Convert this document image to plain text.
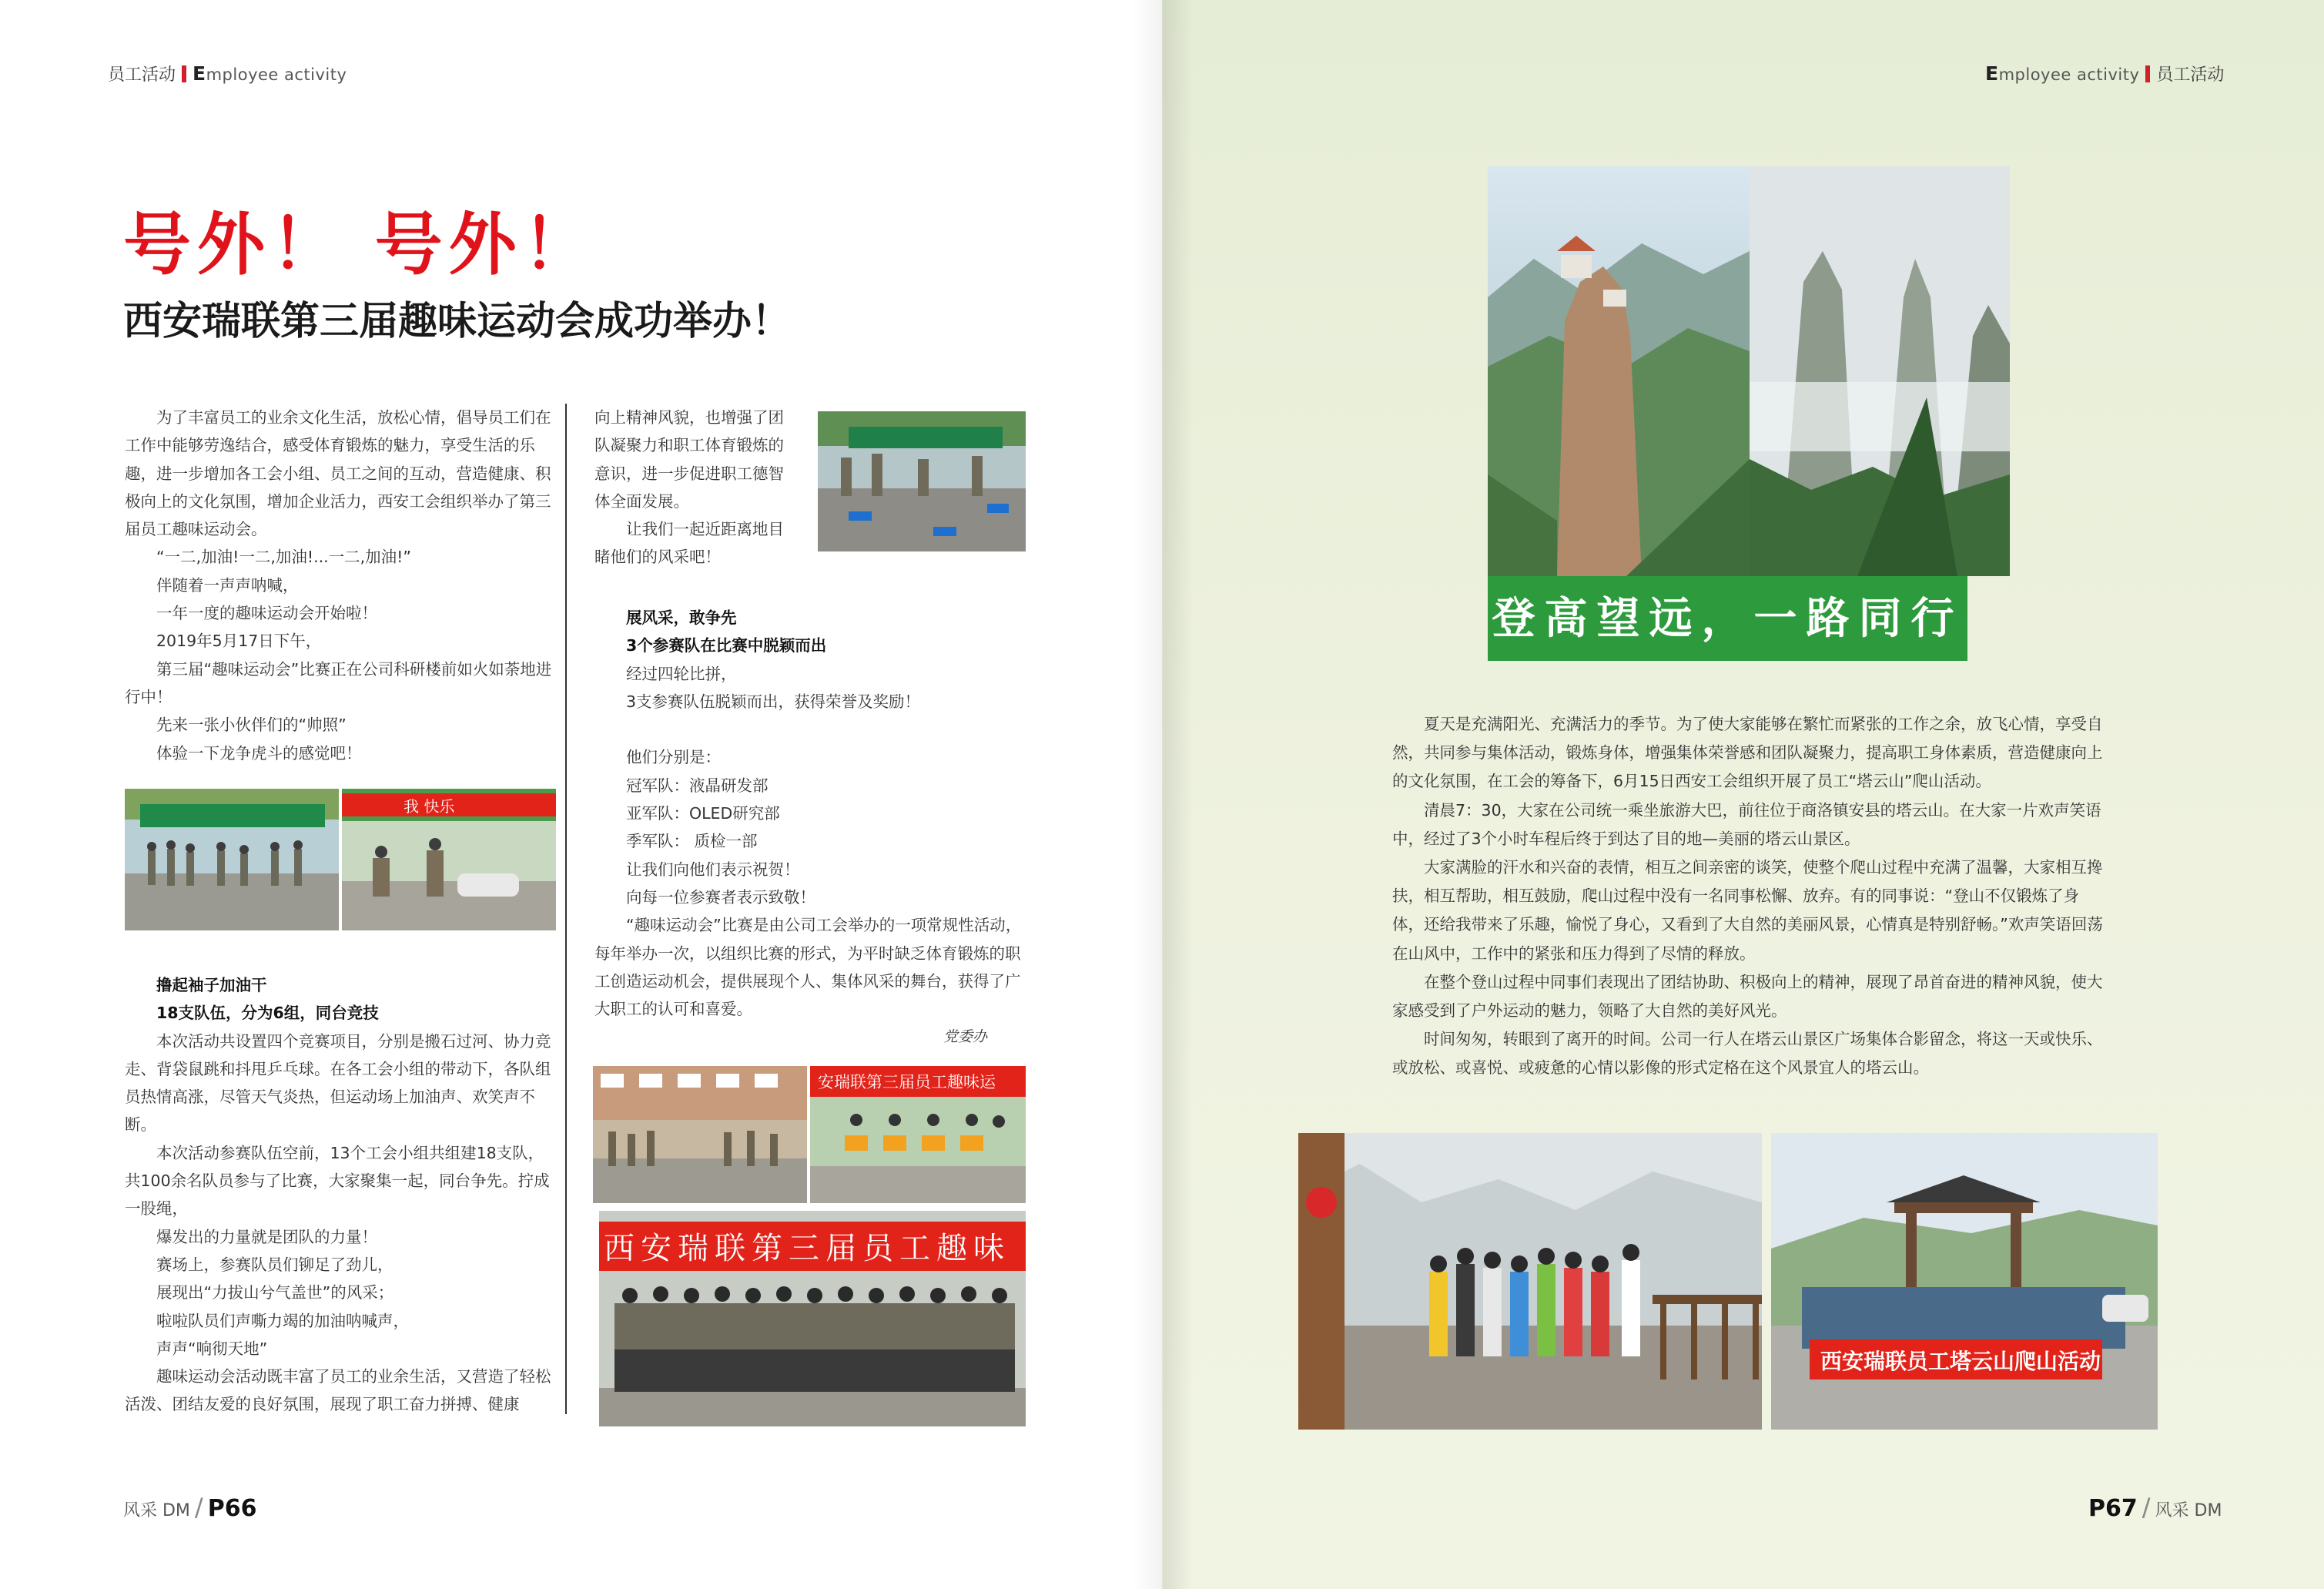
员工活动 Employee activity
号外！ 号外！
西安瑞联第三届趣味运动会成功举办！

为了丰富员工的业余文化生活，放松心情，倡导员工们在工作中能够劳逸结合，感受体育锻炼的魅力，享受生活的乐趣，进一步增加各工会小组、员工之间的互动，营造健康、积极向上的文化氛围，增加企业活力，西安工会组织举办了第三届员工趣味运动会。

“一二,加油!一二,加油!...一二,加油!”

伴随着一声声呐喊，

一年一度的趣味运动会开始啦！

2019年5月17日下午，

第三届“趣味运动会”比赛正在公司科研楼前如火如荼地进行中！

先来一张小伙伴们的“帅照”

体验一下龙争虎斗的感觉吧！

我 快乐

撸起袖子加油干

18支队伍，分为6组，同台竞技

本次活动共设置四个竞赛项目，分别是搬石过河、协力竞走、背袋鼠跳和抖甩乒乓球。在各工会小组的带动下，各队组员热情高涨，尽管天气炎热，但运动场上加油声、欢笑声不断。

本次活动参赛队伍空前，13个工会小组共组建18支队，共100余名队员参与了比赛，大家聚集一起，同台争先。拧成一股绳，

爆发出的力量就是团队的力量！

赛场上，参赛队员们铆足了劲儿，

展现出“力拔山兮气盖世”的风采；

啦啦队员们声嘶力竭的加油呐喊声，

声声“响彻天地”

趣味运动会活动既丰富了员工的业余生活，又营造了轻松活泼、团结友爱的良好氛围，展现了职工奋力拼搏、健康

向上精神风貌，也增强了团队凝聚力和职工体育锻炼的意识，进一步促进职工德智体全面发展。

让我们一起近距离地目睹他们的风采吧！

展风采，敢争先

3个参赛队在比赛中脱颖而出

经过四轮比拼，

3支参赛队伍脱颖而出，获得荣誉及奖励！

他们分别是：

冠军队：液晶研发部

亚军队：OLED研究部

季军队： 质检一部

让我们向他们表示祝贺！

向每一位参赛者表示致敬！

“趣味运动会”比赛是由公司工会举办的一项常规性活动，每年举办一次，以组织比赛的形式，为平时缺乏体育锻炼的职工创造运动机会，提供展现个人、集体风采的舞台，获得了广大职工的认可和喜爱。

党委办

安瑞联第三届员工趣味运
西安瑞联第三届员工趣味
风采 DM / P66
Employee activity 员工活动
登高望远，一路同行

夏天是充满阳光、充满活力的季节。为了使大家能够在繁忙而紧张的工作之余，放飞心情，享受自然，共同参与集体活动，锻炼身体，增强集体荣誉感和团队凝聚力，提高职工身体素质，营造健康向上的文化氛围，在工会的筹备下，6月15日西安工会组织开展了员工“塔云山”爬山活动。

清晨7：30，大家在公司统一乘坐旅游大巴，前往位于商洛镇安县的塔云山。在大家一片欢声笑语中，经过了3个小时车程后终于到达了目的地—美丽的塔云山景区。

大家满脸的汗水和兴奋的表情，相互之间亲密的谈笑，使整个爬山过程中充满了温馨，大家相互搀扶，相互帮助，相互鼓励，爬山过程中没有一名同事松懈、放弃。有的同事说：“登山不仅锻炼了身体，还给我带来了乐趣，愉悦了身心，又看到了大自然的美丽风景，心情真是特别舒畅。”欢声笑语回荡在山风中，工作中的紧张和压力得到了尽情的释放。

在整个登山过程中同事们表现出了团结协助、积极向上的精神，展现了昂首奋进的精神风貌，使大家感受到了户外运动的魅力，领略了大自然的美好风光。

时间匆匆，转眼到了离开的时间。公司一行人在塔云山景区广场集体合影留念，将这一天或快乐、或放松、或喜悦、或疲惫的心情以影像的形式定格在这个风景宜人的塔云山。

西安瑞联员工塔云山爬山活动
P67 / 风采 DM
